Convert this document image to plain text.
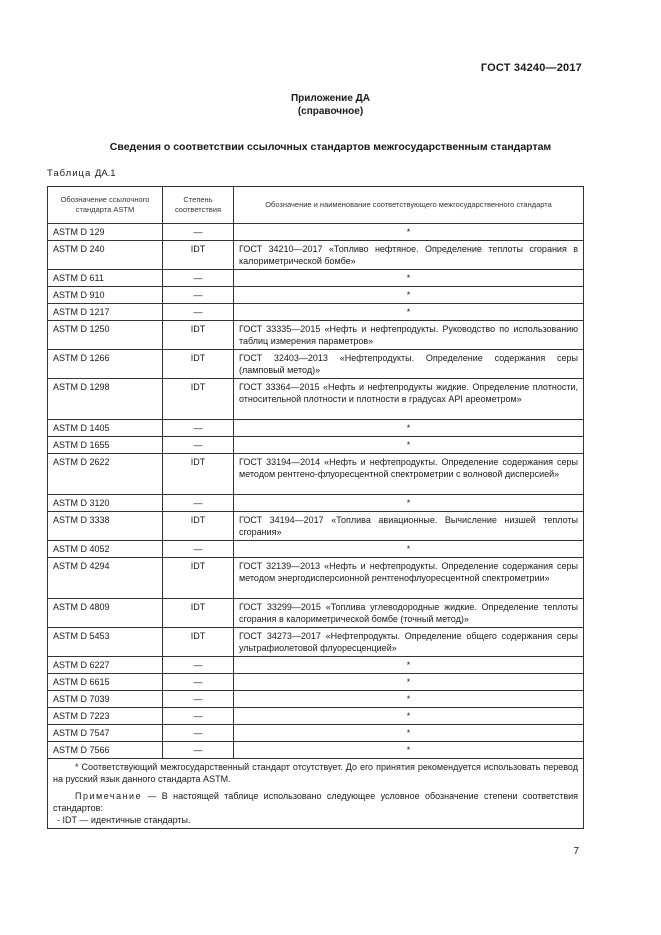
ГОСТ 34240—2017
Приложение ДА
(справочное)
Сведения о соответствии ссылочных стандартов межгосударственным стандартам
Таблица ДА.1
Обозначение ссылочного стандарта ASTM	Степень соответствия	Обозначение и наименование соответствующего межгосударственного стандарта
ASTM D 129	—	*
ASTM D 240	IDT	ГОСТ 34210—2017 «Топливо нефтяное. Определение теплоты сгорания в калориметрической бомбе»
ASTM D 611	—	*
ASTM D 910	—	*
ASTM D 1217	—	*
ASTM D 1250	IDT	ГОСТ 33335—2015 «Нефть и нефтепродукты. Руководство по использованию таблиц измерения параметров»
ASTM D 1266	IDT	ГОСТ 32403—2013 «Нефтепродукты. Определение содержания серы (ламповый метод)»
ASTM D 1298	IDT	ГОСТ 33364—2015 «Нефть и нефтепродукты жидкие. Определение плотности, относительной плотности и плотности в градусах API ареометром»
ASTM D 1405	—	*
ASTM D 1655	—	*
ASTM D 2622	IDT	ГОСТ 33194—2014 «Нефть и нефтепродукты. Определение содержания серы методом рентгено-флуоресцентной спектрометрии с волновой дисперсией»
ASTM D 3120	—	*
ASTM D 3338	IDT	ГОСТ 34194—2017 «Топлива авиационные. Вычисление низшей теплоты сгорания»
ASTM D 4052	—	*
ASTM D 4294	IDT	ГОСТ 32139—2013 «Нефть и нефтепродукты. Определение содержания серы методом энергодисперсионной рентгенофлуоресцентной спектрометрии»
ASTM D 4809	IDT	ГОСТ 33299—2015 «Топлива углеводородные жидкие. Определение теплоты сгорания в калориметрической бомбе (точный метод)»
ASTM D 5453	IDT	ГОСТ 34273—2017 «Нефтепродукты. Определение общего содержания серы ультрафиолетовой флуоресценцией»
ASTM D 6227	—	*
ASTM D 6615	—	*
ASTM D 7039	—	*
ASTM D 7223	—	*
ASTM D 7547	—	*
ASTM D 7566	—	*

* Соответствующий межгосударственный стандарт отсутствует. До его принятия рекомендуется использовать перевод на русский язык данного стандарта ASTM.
Примечание — В настоящей таблице использовано следующее условное обозначение степени соответствия стандартов:
- IDT — идентичные стандарты.		
7
